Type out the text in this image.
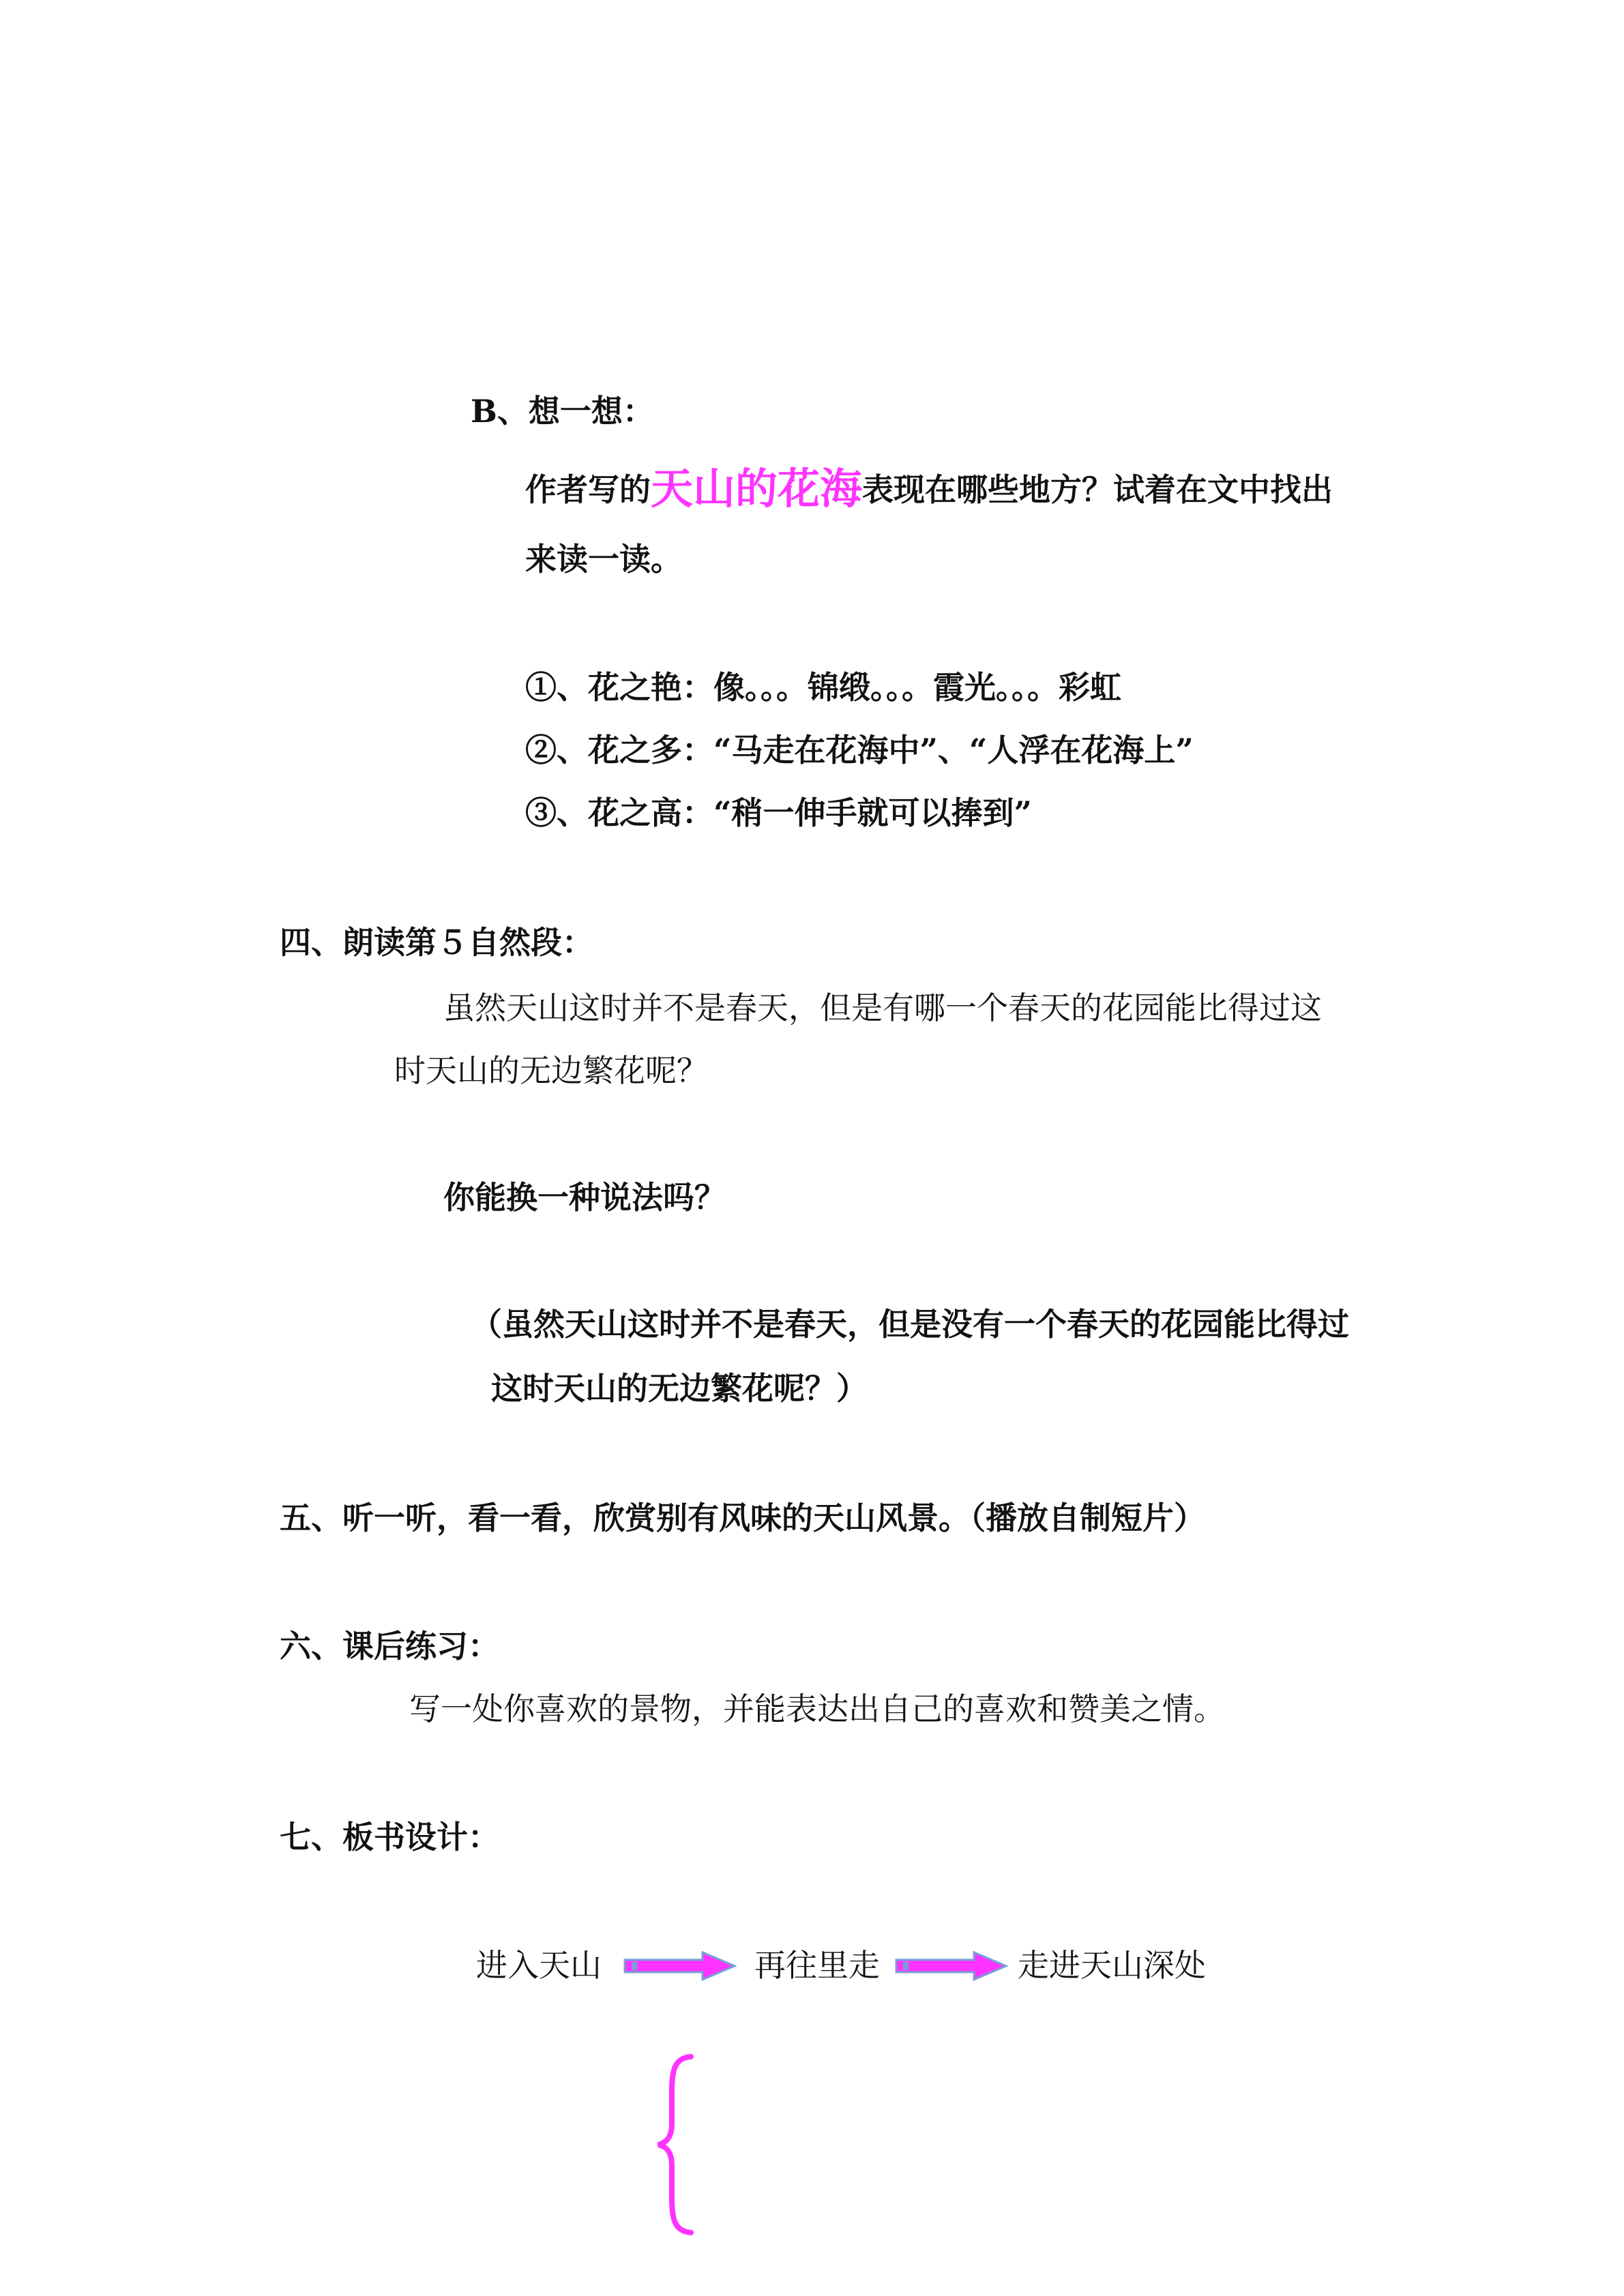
B、想一想：
作者写的天山的花海表现在哪些地方？试着在文中找出
来读一读。
①、花之艳：像。。。锦缎。。。霞光。。。彩虹
②、花之多：“马走在花海中”、“人浮在花海上”
③、花之高：“稍一伸手就可以捧到”
四、朗读第５自然段：
虽然天山这时并不是春天，但是有哪一个春天的花园能比得过这
时天山的无边繁花呢？
你能换一种说法吗？
（虽然天山这时并不是春天，但是没有一个春天的花园能比得过
这时天山的无边繁花呢？）
五、听一听，看一看，欣赏别有风味的天山风景。（播放自制短片）
六、课后练习：
写一处你喜欢的景物，并能表达出自己的喜欢和赞美之情。
七、板书设计：
进入天山	再往里走	走进天山深处
